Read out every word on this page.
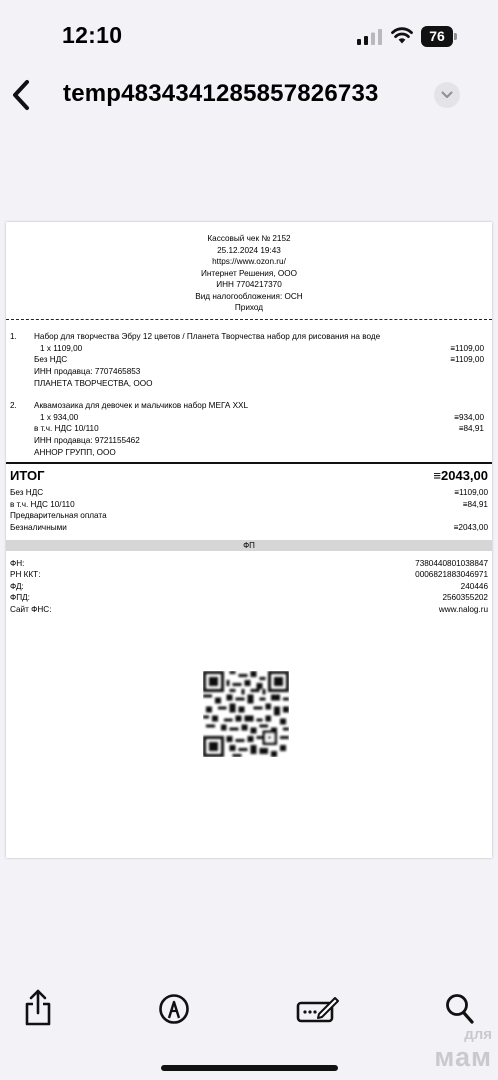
12:10	76
temp4834341285857826733
Кассовый чек № 2152
25.12.2024 19:43
https://www.ozon.ru/
Интернет Решения, ООО
ИНН 7704217370
Вид налогообложения: ОСН
Приход
1. Набор для творчества Эбру 12 цветов / Планета Творчества набор для рисования на воде
1 x 1109,00	≡1109,00
Без НДС	≡1109,00
ИНН продавца: 7707465853
ПЛАНЕТА ТВОРЧЕСТВА, ООО
2. Аквамозаика для девочек и мальчиков набор МЕГА XXL
1 x 934,00	≡934,00
в т.ч. НДС 10/110	≡84,91
ИНН продавца: 9721155462
АННОР ГРУПП, ООО
ИТОГ	≡2043,00
Без НДС	≡1109,00
в т.ч. НДС 10/110	≡84,91
Предварительная оплата
Безналичными	≡2043,00
ФП
ФН:	7380440801038847
РН ККТ:	0006821883046971
ФД:	240446
ФПД:	2560355202
Сайт ФНС:	www.nalog.ru
для
мам
